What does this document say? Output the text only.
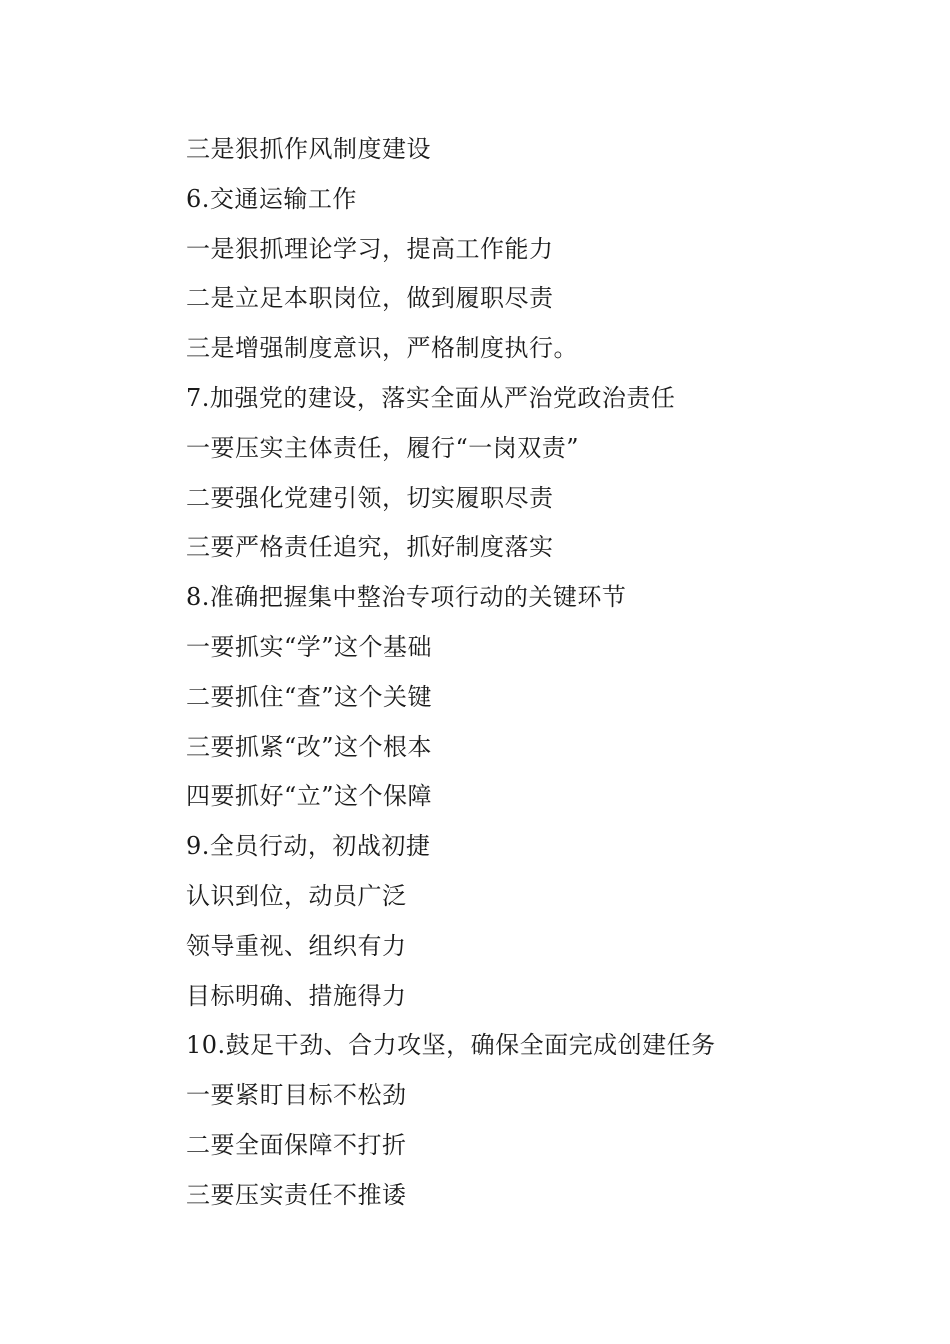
三是狠抓作风制度建设
6.交通运输工作
一是狠抓理论学习，提高工作能力
二是立足本职岗位，做到履职尽责
三是增强制度意识，严格制度执行。
7.加强党的建设，落实全面从严治党政治责任
一要压实主体责任，履行“一岗双责”
二要强化党建引领，切实履职尽责
三要严格责任追究，抓好制度落实
8.准确把握集中整治专项行动的关键环节
一要抓实“学”这个基础
二要抓住“查”这个关键
三要抓紧“改”这个根本
四要抓好“立”这个保障
9.全员行动，初战初捷
认识到位，动员广泛
领导重视、组织有力
目标明确、措施得力
10.鼓足干劲、合力攻坚，确保全面完成创建任务
一要紧盯目标不松劲
二要全面保障不打折
三要压实责任不推诿
